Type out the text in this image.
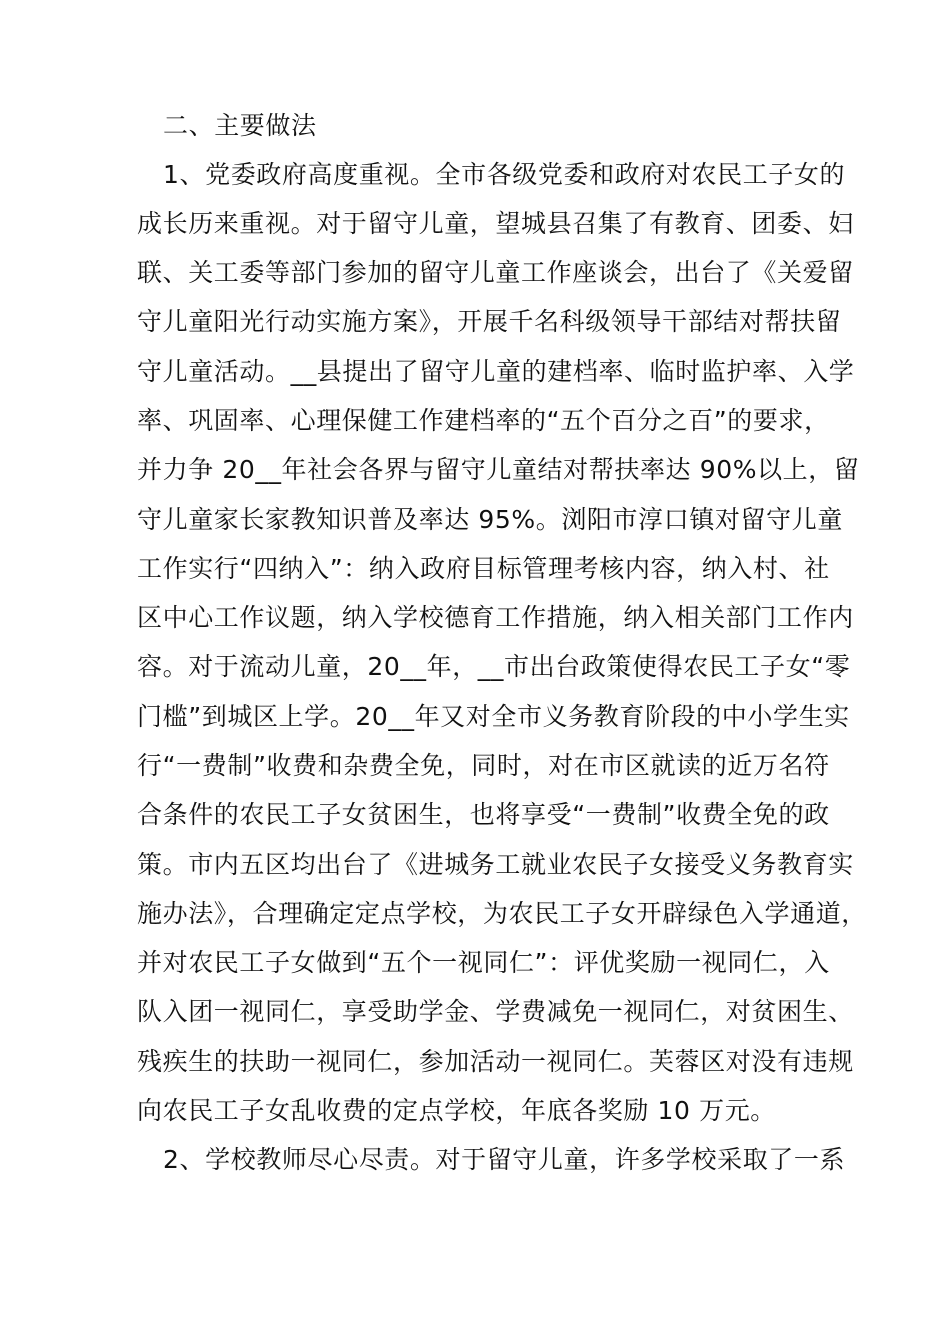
二、主要做法
1、党委政府高度重视。全市各级党委和政府对农民工子女的
成长历来重视。对于留守儿童，望城县召集了有教育、团委、妇
联、关工委等部门参加的留守儿童工作座谈会，出台了《关爱留
守儿童阳光行动实施方案》，开展千名科级领导干部结对帮扶留
守儿童活动。__县提出了留守儿童的建档率、临时监护率、入学
率、巩固率、心理保健工作建档率的“五个百分之百”的要求，
并力争 20__年社会各界与留守儿童结对帮扶率达 90%以上，留
守儿童家长家教知识普及率达 95%。浏阳市淳口镇对留守儿童
工作实行“四纳入”：纳入政府目标管理考核内容，纳入村、社
区中心工作议题，纳入学校德育工作措施，纳入相关部门工作内
容。对于流动儿童，20__年，__市出台政策使得农民工子女“零
门槛”到城区上学。20__年又对全市义务教育阶段的中小学生实
行“一费制”收费和杂费全免，同时，对在市区就读的近万名符
合条件的农民工子女贫困生，也将享受“一费制”收费全免的政
策。市内五区均出台了《进城务工就业农民子女接受义务教育实
施办法》，合理确定定点学校，为农民工子女开辟绿色入学通道，
并对农民工子女做到“五个一视同仁”：评优奖励一视同仁，入
队入团一视同仁，享受助学金、学费减免一视同仁，对贫困生、
残疾生的扶助一视同仁，参加活动一视同仁。芙蓉区对没有违规
向农民工子女乱收费的定点学校，年底各奖励 10 万元。
2、学校教师尽心尽责。对于留守儿童，许多学校采取了一系
